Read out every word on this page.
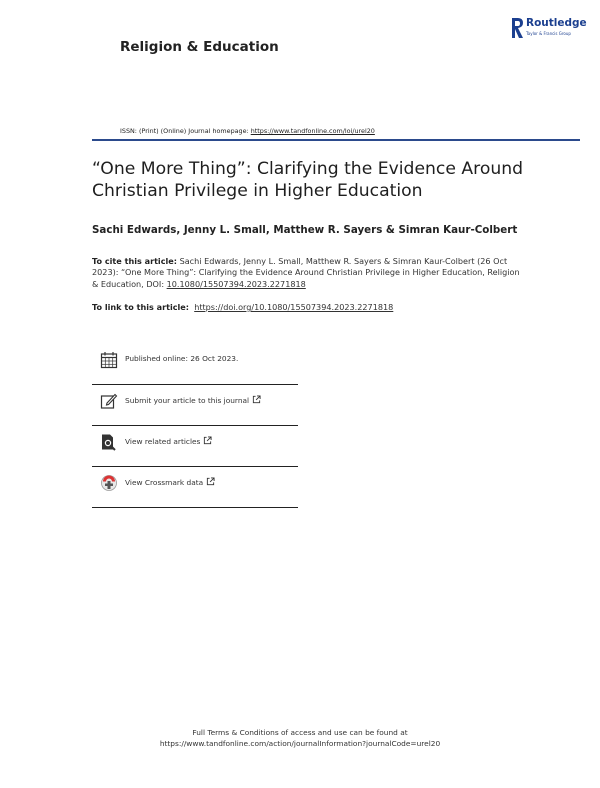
Religion & Education
Routledge
Taylor & Francis Group
ISSN: (Print) (Online) Journal homepage: https://www.tandfonline.com/loi/urel20
“One More Thing”: Clarifying the Evidence Around Christian Privilege in Higher Education
Sachi Edwards, Jenny L. Small, Matthew R. Sayers & Simran Kaur-Colbert
To cite this article: Sachi Edwards, Jenny L. Small, Matthew R. Sayers & Simran Kaur-Colbert (26 Oct 2023): “One More Thing”: Clarifying the Evidence Around Christian Privilege in Higher Education, Religion & Education, DOI: 10.1080/15507394.2023.2271818
To link to this article: https://doi.org/10.1080/15507394.2023.2271818
Published online: 26 Oct 2023.
Submit your article to this journal
View related articles
View Crossmark data
Full Terms & Conditions of access and use can be found at
https://www.tandfonline.com/action/journalInformation?journalCode=urel20
